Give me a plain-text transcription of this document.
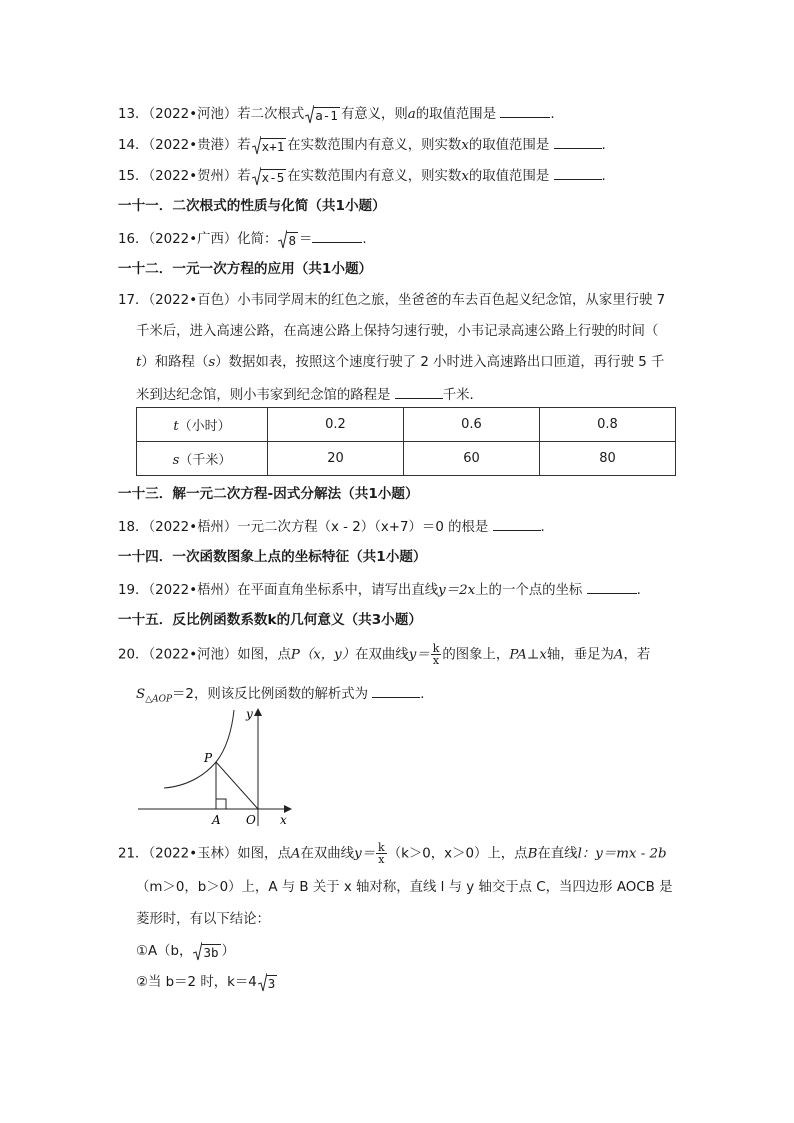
13．（2022•河池）若二次根式 a-1 有意义，则a的取值范围是	.
14．（2022•贵港）若 x+1 在实数范围内有意义，则实数x的取值范围是	.
15．（2022•贺州）若 x-5 在实数范围内有意义，则实数x的取值范围是	.
一十一．二次根式的性质与化简（共1小题）
16．（2022•广西）化简： 8 ＝	.
一十二．一元一次方程的应用（共1小题）
17．（2022•百色）小韦同学周末的红色之旅，坐爸爸的车去百色起义纪念馆，从家里行驶 7
千米后，进入高速公路，在高速公路上保持匀速行驶，小韦记录高速公路上行驶的时间（
t）和路程（s）数据如表，按照这个速度行驶了 2 小时进入高速路出口匝道，再行驶 5 千
米到达纪念馆，则小韦家到纪念馆的路程是	千米．
t（小时）	0.2	0.6	0.8
s（千米）	20	60	80
一十三．解一元二次方程-因式分解法（共1小题）
18．（2022•梧州）一元二次方程（x - 2）（x+7）＝0 的根是	.
一十四．一次函数图象上点的坐标特征（共1小题）
19．（2022•梧州）在平面直角坐标系中，请写出直线y＝2x上的一个点的坐标	.
一十五．反比例函数系数k的几何意义（共3小题）
20．（2022•河池）如图，点P（x，y）在双曲线$y= \frac{k}{x}$ 的图象上，PA⊥x轴，垂足为A，若
$S_{\triangle AOP}=2$，则该反比例函数的解析式为	.
y
x
P
A O
21．（2022•玉林）如图，点A在双曲线$y= \frac{k}{x} (k>0$，x＞0）上，点B在直线l：y＝mx - 2b
（m＞0，b＞0）上，A 与 B 关于 x 轴对称，直线 l 与 y 轴交于点 C，当四边形 AOCB 是
菱形时，有以下结论：
①A（b， 3b ）
②当 b＝2 时，k＝4 3
